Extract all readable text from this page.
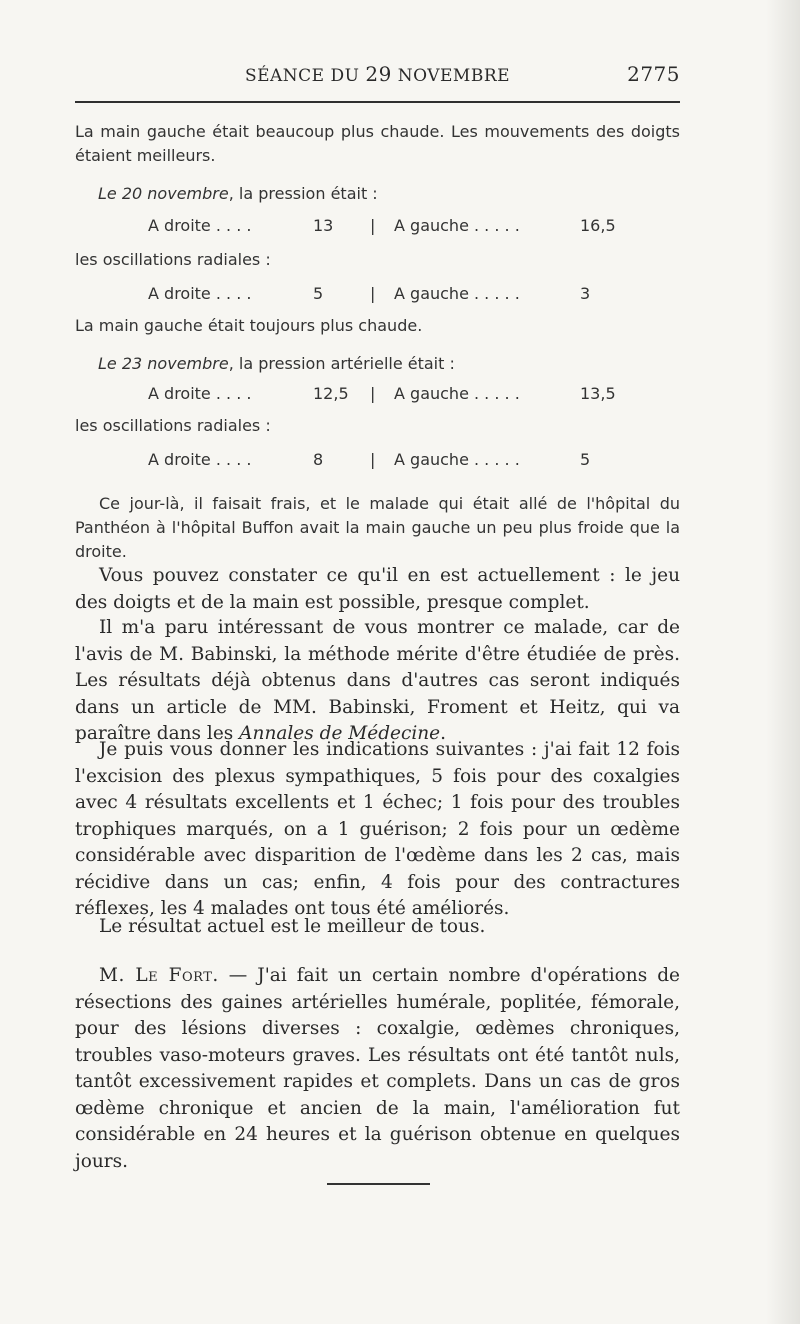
SÉANCE DU 29 NOVEMBRE	2775
La main gauche était beaucoup plus chaude. Les mouvements des doigts étaient meilleurs.
Le 20 novembre, la pression était :
A droite . . . .	13 | A gauche . . . . .	16,5
les oscillations radiales :
A droite . . . .	5	| A gauche . . . . .	3
La main gauche était toujours plus chaude.
Le 23 novembre, la pression artérielle était :
A droite . . . .	12,5 | A gauche . . . . .	13,5
les oscillations radiales :
A droite . . . .	8	| A gauche . . . . .	5

Ce jour-là, il faisait frais, et le malade qui était allé de l'hôpital du Panthéon à l'hôpital Buffon avait la main gauche un peu plus froide que la droite.

Vous pouvez constater ce qu'il en est actuellement : le jeu des doigts et de la main est possible, presque complet.

Il m'a paru intéressant de vous montrer ce malade, car de l'avis de M. Babinski, la méthode mérite d'être étudiée de près. Les résultats déjà obtenus dans d'autres cas seront indiqués dans un article de MM. Babinski, Froment et Heitz, qui va paraître dans les Annales de Médecine.

Je puis vous donner les indications suivantes : j'ai fait 12 fois l'excision des plexus sympathiques, 5 fois pour des coxalgies avec 4 résultats excellents et 1 échec; 1 fois pour des troubles trophiques marqués, on a 1 guérison; 2 fois pour un œdème considérable avec disparition de l'œdème dans les 2 cas, mais récidive dans un cas; enfin, 4 fois pour des contractures réflexes, les 4 malades ont tous été améliorés.

Le résultat actuel est le meilleur de tous.

M. Le Fort. — J'ai fait un certain nombre d'opérations de résections des gaines artérielles humérale, poplitée, fémorale, pour des lésions diverses : coxalgie, œdèmes chroniques, troubles vaso-moteurs graves. Les résultats ont été tantôt nuls, tantôt excessivement rapides et complets. Dans un cas de gros œdème chronique et ancien de la main, l'amélioration fut considérable en 24 heures et la guérison obtenue en quelques jours.
